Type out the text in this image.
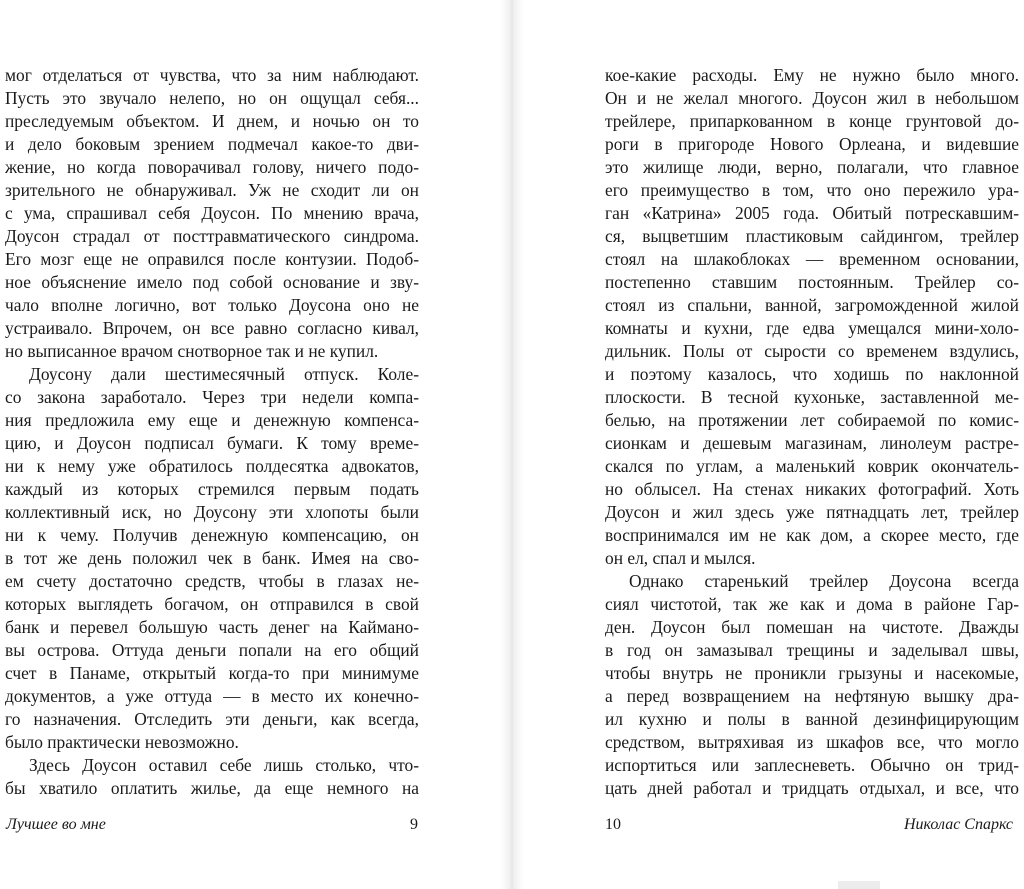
мог отделаться от чувства, что за ним наблюдают.
Пусть это звучало нелепо, но он ощущал себя...
преследуемым объектом. И днем, и ночью он то
и дело боковым зрением подмечал какое-то дви-
жение, но когда поворачивал голову, ничего подо-
зрительного не обнаруживал. Уж не сходит ли он
с ума, спрашивал себя Доусон. По мнению врача,
Доусон страдал от посттравматического синдрома.
Его мозг еще не оправился после контузии. Подоб-
ное объяснение имело под собой основание и зву-
чало вполне логично, вот только Доусона оно не
устраивало. Впрочем, он все равно согласно кивал,
но выписанное врачом снотворное так и не купил.
Доусону дали шестимесячный отпуск. Коле-
со закона заработало. Через три недели компа-
ния предложила ему еще и денежную компенса-
цию, и Доусон подписал бумаги. К тому време-
ни к нему уже обратилось полдесятка адвокатов,
каждый из которых стремился первым подать
коллективный иск, но Доусону эти хлопоты были
ни к чему. Получив денежную компенсацию, он
в тот же день положил чек в банк. Имея на сво-
ем счету достаточно средств, чтобы в глазах не-
которых выглядеть богачом, он отправился в свой
банк и перевел большую часть денег на Каймано-
вы острова. Оттуда деньги попали на его общий
счет в Панаме, открытый когда-то при минимуме
документов, а уже оттуда — в место их конечно-
го назначения. Отследить эти деньги, как всегда,
было практически невозможно.
Здесь Доусон оставил себе лишь столько, что-
бы хватило оплатить жилье, да еще немного на
Лучшее во мне	9
кое-какие расходы. Ему не нужно было много.
Он и не желал многого. Доусон жил в небольшом
трейлере, припаркованном в конце грунтовой до-
роги в пригороде Нового Орлеана, и видевшие
это жилище люди, верно, полагали, что главное
его преимущество в том, что оно пережило ура-
ган «Катрина» 2005 года. Обитый потрескавшим-
ся, выцветшим пластиковым сайдингом, трейлер
стоял на шлакоблоках — временном основании,
постепенно ставшим постоянным. Трейлер со-
стоял из спальни, ванной, загроможденной жилой
комнаты и кухни, где едва умещался мини-холо-
дильник. Полы от сырости со временем вздулись,
и поэтому казалось, что ходишь по наклонной
плоскости. В тесной кухоньке, заставленной ме-
белью, на протяжении лет собираемой по комис-
сионкам и дешевым магазинам, линолеум растре-
скался по углам, а маленький коврик окончатель-
но облысел. На стенах никаких фотографий. Хоть
Доусон и жил здесь уже пятнадцать лет, трейлер
воспринимался им не как дом, а скорее место, где
он ел, спал и мылся.
Однако старенький трейлер Доусона всегда
сиял чистотой, так же как и дома в районе Гар-
ден. Доусон был помешан на чистоте. Дважды
в год он замазывал трещины и заделывал швы,
чтобы внутрь не проникли грызуны и насекомые,
а перед возвращением на нефтяную вышку дра-
ил кухню и полы в ванной дезинфицирующим
средством, вытряхивая из шкафов все, что могло
испортиться или заплесневеть. Обычно он трид-
цать дней работал и тридцать отдыхал, и все, что
10	Николас Спаркс
